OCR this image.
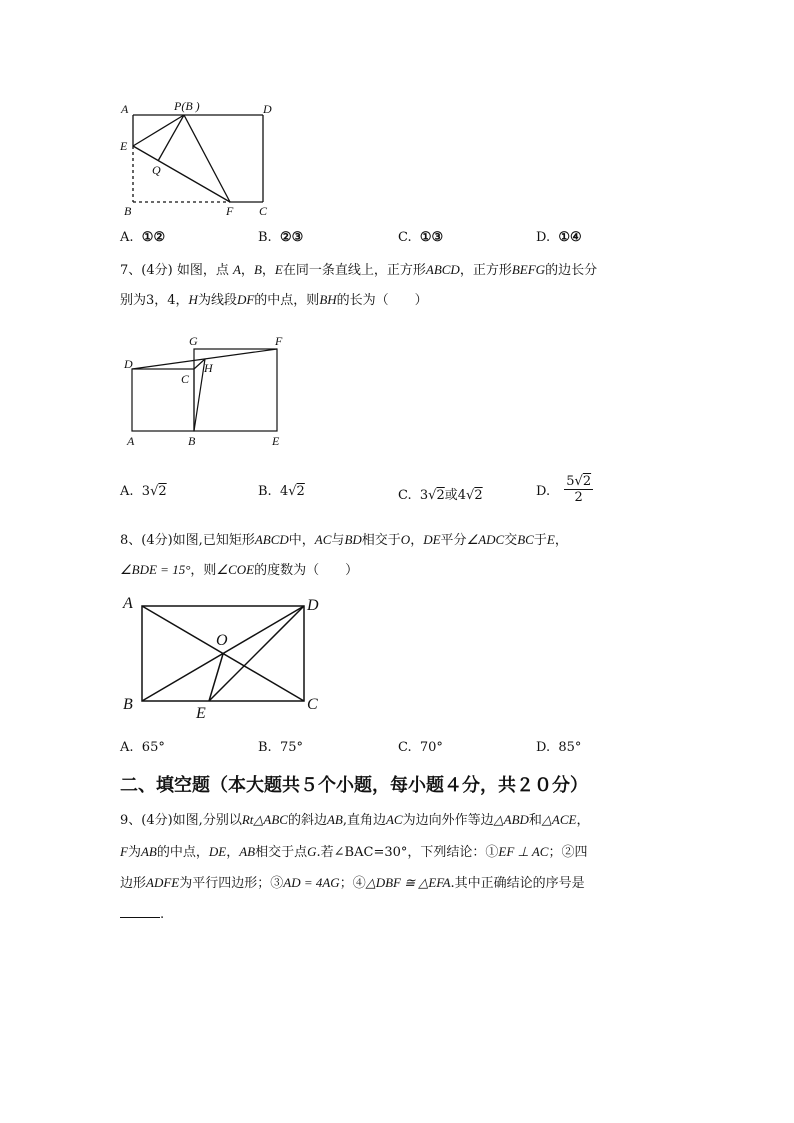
A	P(B )	D
E
Q
B	F C
A. ①②	B. ②③	C. ①③	D. ①④
7、(4分) 如图，点 A，B，E在同一条直线上，正方形ABCD，正方形BEFG的边长分
别为3，4，H为线段DF的中点，则BH的长为（　　）
G	F
D	H
C
A	B	E
A. 3√2	B. 4√2	C. 3√2或4√2	D. $\frac{5√2}{2}$
8、(4分)如图,已知矩形ABCD中，AC与BD相交于O，DE平分∠ADC交BC于E，
∠BDE = 15°，则∠COE的度数为（　　）
A	D
O
B
E
C
A. 65°	B. 75°	C. 70°	D. 85°
二、填空题（本大题共５个小题，每小题４分，共２０分）
9、(4分)如图,分别以Rt△ABC的斜边AB,直角边AC为边向外作等边△ABD和△ACE，
F为AB的中点，DE，AB相交于点G.若∠BAC=30°，下列结论：①EF ⊥ AC；②四
边形ADFE为平行四边形；③AD = 4AG；④△DBF ≅ △EFA.其中正确结论的序号是
.
